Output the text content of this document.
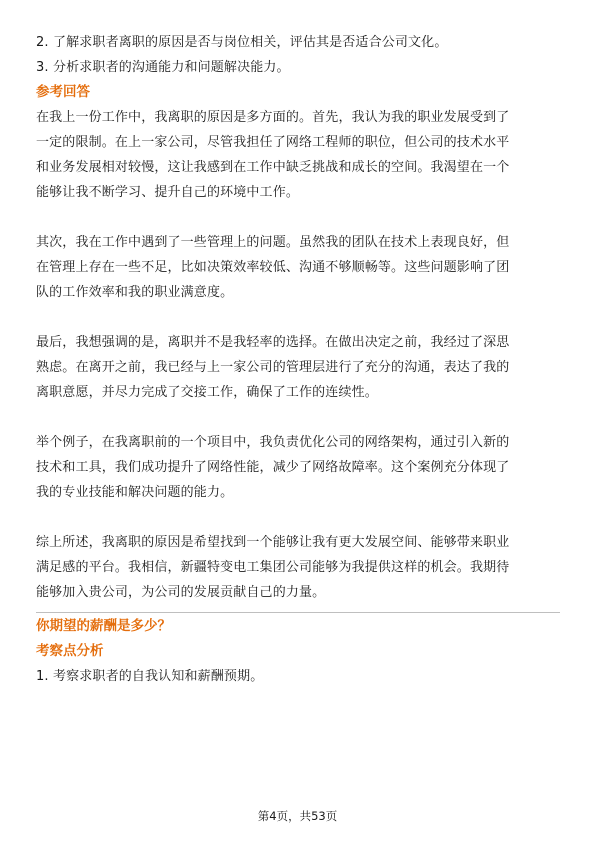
2. 了解求职者离职的原因是否与岗位相关，评估其是否适合公司文化。

3. 分析求职者的沟通能力和问题解决能力。

参考回答

在我上一份工作中，我离职的原因是多方面的。首先，我认为我的职业发展受到了

一定的限制。在上一家公司，尽管我担任了网络工程师的职位，但公司的技术水平

和业务发展相对较慢，这让我感到在工作中缺乏挑战和成长的空间。我渴望在一个

能够让我不断学习、提升自己的环境中工作。

其次，我在工作中遇到了一些管理上的问题。虽然我的团队在技术上表现良好，但

在管理上存在一些不足，比如决策效率较低、沟通不够顺畅等。这些问题影响了团

队的工作效率和我的职业满意度。

最后，我想强调的是，离职并不是我轻率的选择。在做出决定之前，我经过了深思

熟虑。在离开之前，我已经与上一家公司的管理层进行了充分的沟通，表达了我的

离职意愿，并尽力完成了交接工作，确保了工作的连续性。

举个例子，在我离职前的一个项目中，我负责优化公司的网络架构，通过引入新的

技术和工具，我们成功提升了网络性能，减少了网络故障率。这个案例充分体现了

我的专业技能和解决问题的能力。

综上所述，我离职的原因是希望找到一个能够让我有更大发展空间、能够带来职业

满足感的平台。我相信，新疆特变电工集团公司能够为我提供这样的机会。我期待

能够加入贵公司，为公司的发展贡献自己的力量。

你期望的薪酬是多少？

考察点分析

1. 考察求职者的自我认知和薪酬预期。

第4页，共53页
